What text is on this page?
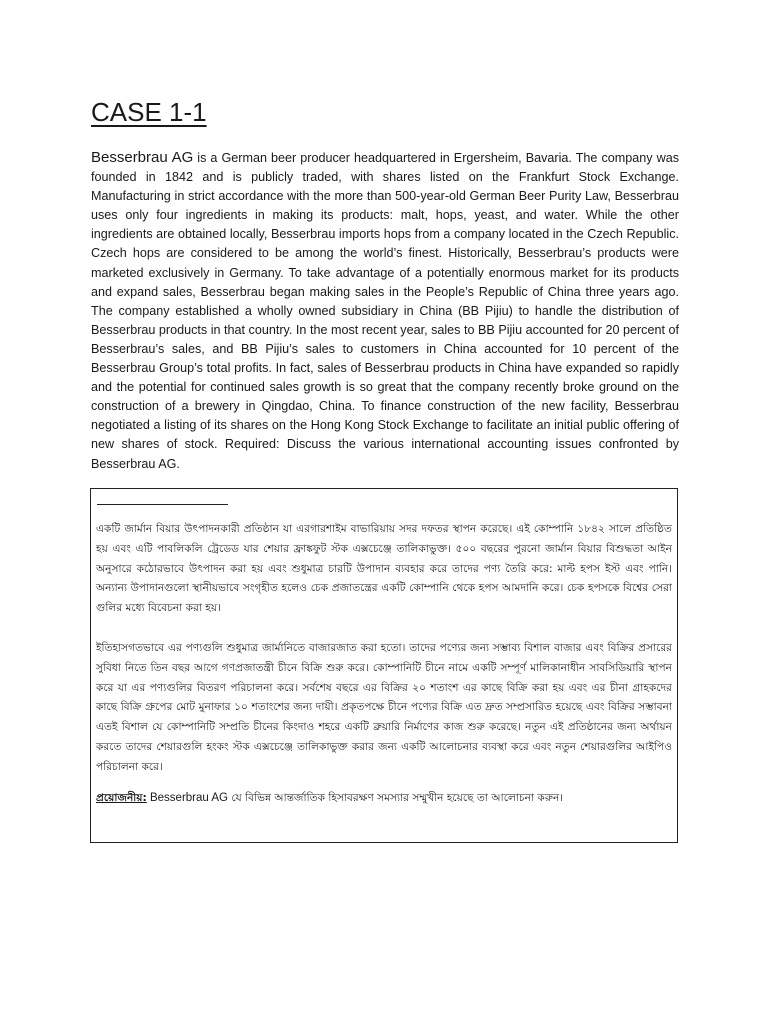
CASE 1-1

Besserbrau AG is a German beer producer headquartered in Ergersheim, Bavaria. The company was founded in 1842 and is publicly traded, with shares listed on the Frankfurt Stock Exchange. Manufacturing in strict accordance with the more than 500-year-old German Beer Purity Law, Besserbrau uses only four ingredients in making its products: malt, hops, yeast, and water. While the other ingredients are obtained locally, Besserbrau imports hops from a company located in the Czech Republic. Czech hops are considered to be among the world’s finest. Historically, Besserbrau’s products were marketed exclusively in Germany. To take advantage of a potentially enormous market for its products and expand sales, Besserbrau began making sales in the People’s Republic of China three years ago. The company established a wholly owned subsidiary in China (BB Pijiu) to handle the distribution of Besserbrau products in that country. In the most recent year, sales to BB Pijiu accounted for 20 percent of Besserbrau’s sales, and BB Pijiu’s sales to customers in China accounted for 10 percent of the Besserbrau Group’s total profits. In fact, sales of Besserbrau products in China have expanded so rapidly and the potential for continued sales growth is so great that the company recently broke ground on the construction of a brewery in Qingdao, China. To finance construction of the new facility, Besserbrau negotiated a listing of its shares on the Hong Kong Stock Exchange to facilitate an initial public offering of new shares of stock. Required: Discuss the various international accounting issues confronted by Besserbrau AG.

একটি জার্মান বিয়ার উৎপাদনকারী প্রতিষ্ঠান যা এরগারশাইম বাভারিয়ায় সদর দফতর স্থাপন করেছে। এই কোম্পানি ১৮৪২ সালে প্রতিষ্ঠিত হয় এবং এটি পাবলিকলি ট্রেডেড যার শেয়ার ফ্রাঙ্কফুট স্টক এক্সচেঞ্জে তালিকাভুক্ত। ৫০০ বছরের পুরনো জার্মান বিয়ার বিশুদ্ধতা আইন অনুসারে কঠোরভাবে উৎপাদন করা হয় এবং শুধুমাত্র চারটি উপাদান ব্যবহার করে তাদের পণ্য তৈরি করে: মাল্ট হপস ইস্ট এবং পানি। অন্যান্য উপাদানগুলো স্থানীয়ভাবে সংগৃহীত হলেও চেক প্রজাতন্ত্রের একটি কোম্পানি থেকে হপস আমদানি করে। চেক হপসকে বিশ্বের সেরা গুলির মধ্যে বিবেচনা করা হয়।

ইতিহাসগতভাবে এর পণ্যগুলি শুধুমাত্র জার্মানিতে বাজারজাত করা হতো। তাদের পণ্যের জন্য সম্ভাব্য বিশাল বাজার এবং বিক্রির প্রসারের সুবিধা নিতে তিন বছর আগে গণপ্রজাতন্ত্রী চীনে বিক্রি শুরু করে। কোম্পানিটি চীনে নামে একটি সম্পূর্ণ মালিকানাধীন সাবসিডিয়ারি স্থাপন করে যা এর পণ্যগুলির বিতরণ পরিচালনা করে। সর্বশেষ বছরে এর বিক্রির ২০ শতাংশ এর কাছে বিক্রি করা হয় এবং এর চীনা গ্রাহকদের কাছে বিক্রি গ্রুপের মোট মুনাফার ১০ শতাংশের জন্য দায়ী। প্রকৃতপক্ষে চীনে পণ্যের বিক্রি এত দ্রুত সম্প্রসারিত হয়েছে এবং বিক্রির সম্ভাবনা এতই বিশাল যে কোম্পানিটি সম্প্রতি চীনের কিংদাও শহরে একটি ব্রুয়ারি নির্মাণের কাজ শুরু করেছে। নতুন এই প্রতিষ্ঠানের জন্য অর্থায়ন করতে তাদের শেয়ারগুলি হংকং স্টক এক্সচেঞ্জে তালিকাভুক্ত করার জন্য একটি আলোচনার ব্যবস্থা করে এবং নতুন শেয়ারগুলির আইপিও পরিচালনা করে।

প্রয়োজনীয়: Besserbrau AG যে বিভিন্ন আন্তর্জাতিক হিসাবরক্ষণ সমস্যার সম্মুখীন হয়েছে তা আলোচনা করুন।
